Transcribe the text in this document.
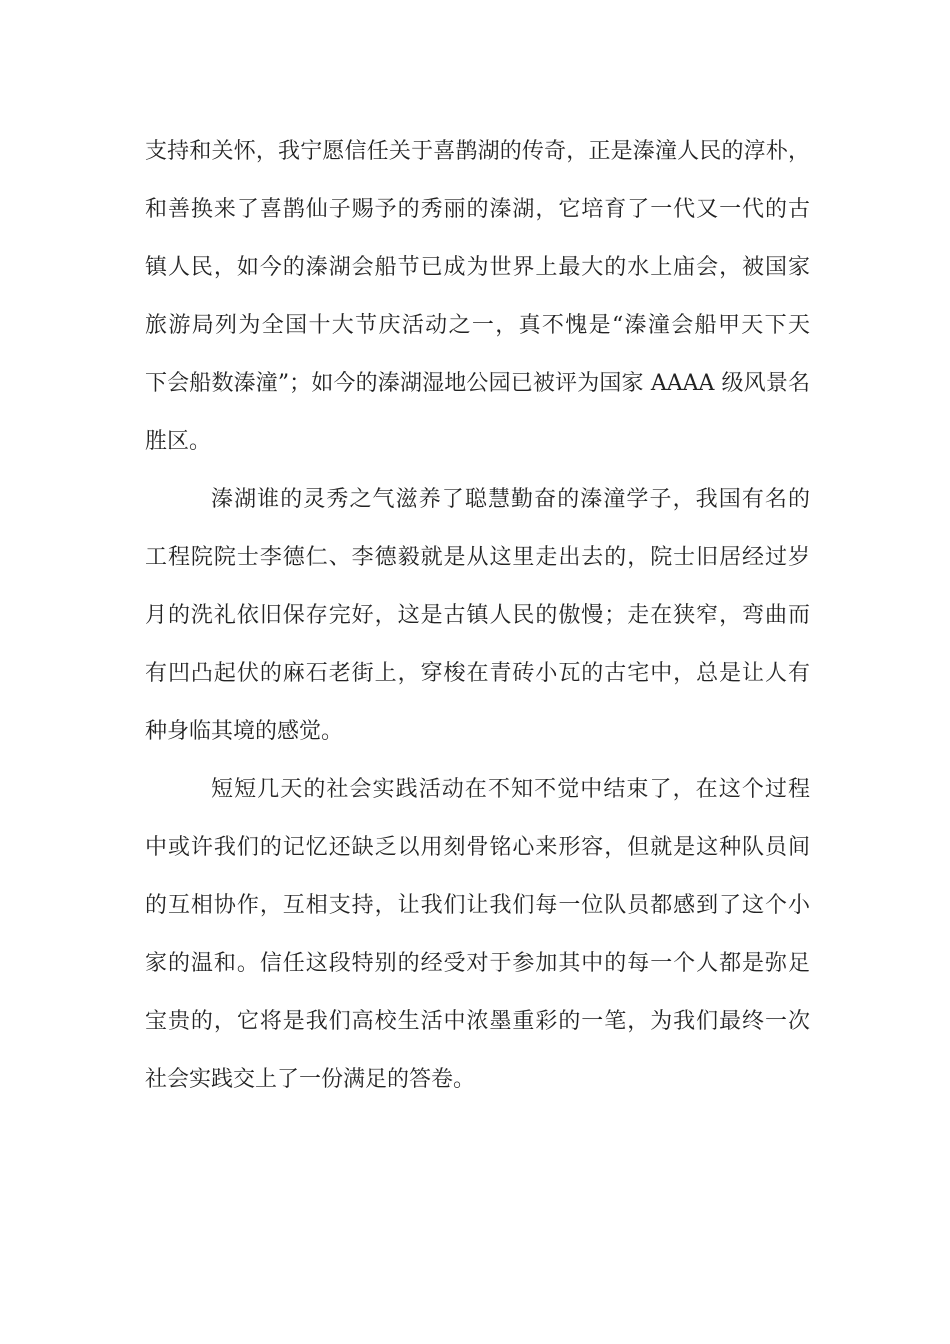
支持和关怀，我宁愿信任关于喜鹊湖的传奇，正是溱潼人民的淳朴，
和善换来了喜鹊仙子赐予的秀丽的溱湖，它培育了一代又一代的古
镇人民，如今的溱湖会船节已成为世界上最大的水上庙会，被国家
旅游局列为全国十大节庆活动之一，真不愧是“溱潼会船甲天下天
下会船数溱潼”；如今的溱湖湿地公园已被评为国家 AAAA 级风景名
胜区。
溱湖谁的灵秀之气滋养了聪慧勤奋的溱潼学子，我国有名的
工程院院士李德仁、李德毅就是从这里走出去的，院士旧居经过岁
月的洗礼依旧保存完好，这是古镇人民的傲慢；走在狭窄，弯曲而
有凹凸起伏的麻石老街上，穿梭在青砖小瓦的古宅中，总是让人有
种身临其境的感觉。
短短几天的社会实践活动在不知不觉中结束了，在这个过程
中或许我们的记忆还缺乏以用刻骨铭心来形容，但就是这种队员间
的互相协作，互相支持，让我们让我们每一位队员都感到了这个小
家的温和。信任这段特别的经受对于参加其中的每一个人都是弥足
宝贵的，它将是我们高校生活中浓墨重彩的一笔，为我们最终一次
社会实践交上了一份满足的答卷。
